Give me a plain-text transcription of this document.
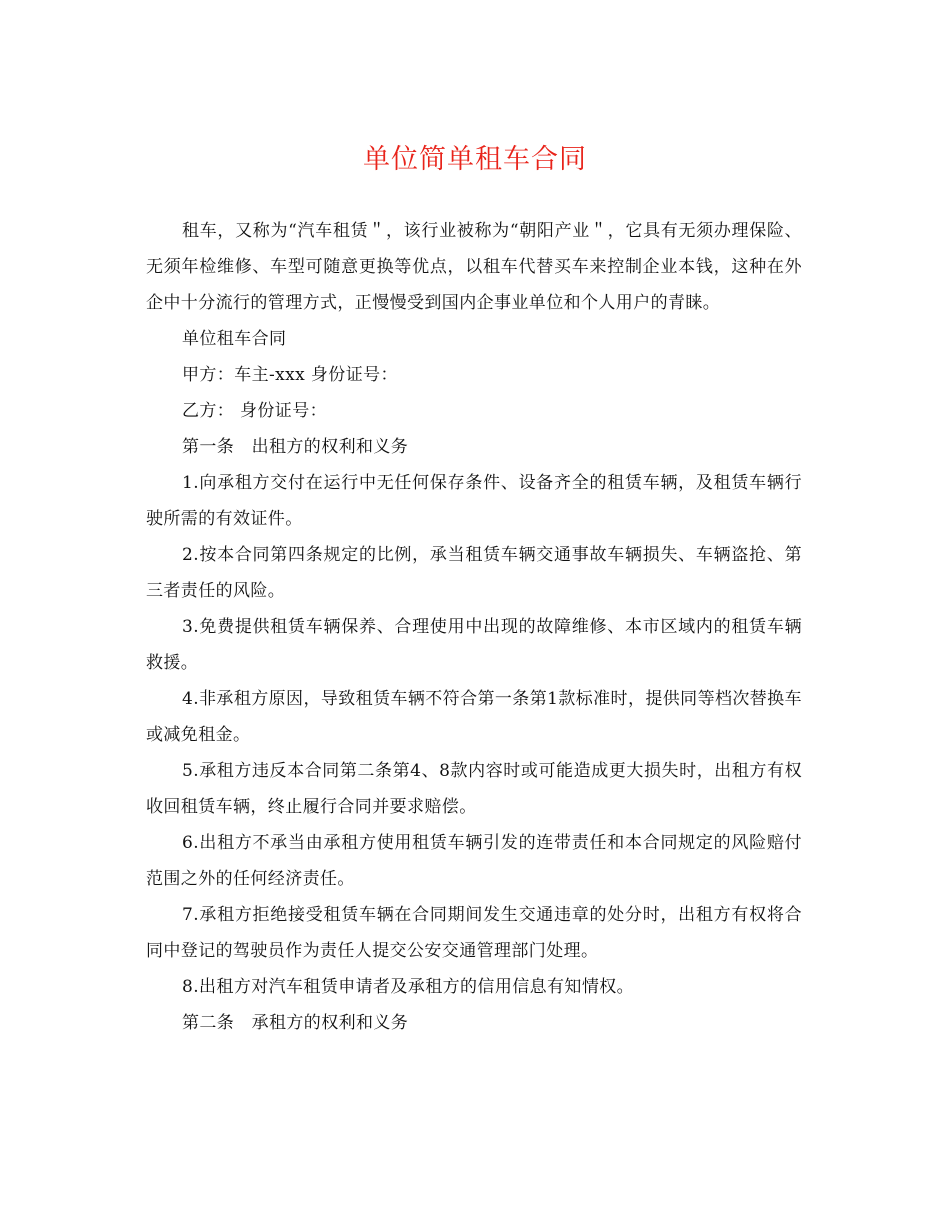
单位简单租车合同

租车，又称为“汽车租赁＂，该行业被称为“朝阳产业＂，它具有无须办理保险、无须年检维修、车型可随意更换等优点，以租车代替买车来控制企业本钱，这种在外企中十分流行的管理方式，正慢慢受到国内企事业单位和个人用户的青睐。

单位租车合同

甲方：车主-xxx 身份证号：

乙方： 身份证号：

第一条　出租方的权利和义务

1.向承租方交付在运行中无任何保存条件、设备齐全的租赁车辆，及租赁车辆行驶所需的有效证件。

2.按本合同第四条规定的比例，承当租赁车辆交通事故车辆损失、车辆盗抢、第三者责任的风险。

3.免费提供租赁车辆保养、合理使用中出现的故障维修、本市区域内的租赁车辆救援。

4.非承租方原因，导致租赁车辆不符合第一条第1款标准时，提供同等档次替换车或减免租金。

5.承租方违反本合同第二条第4、8款内容时或可能造成更大损失时，出租方有权收回租赁车辆，终止履行合同并要求赔偿。

6.出租方不承当由承租方使用租赁车辆引发的连带责任和本合同规定的风险赔付范围之外的任何经济责任。

7.承租方拒绝接受租赁车辆在合同期间发生交通违章的处分时，出租方有权将合同中登记的驾驶员作为责任人提交公安交通管理部门处理。

8.出租方对汽车租赁申请者及承租方的信用信息有知情权。

第二条　承租方的权利和义务
